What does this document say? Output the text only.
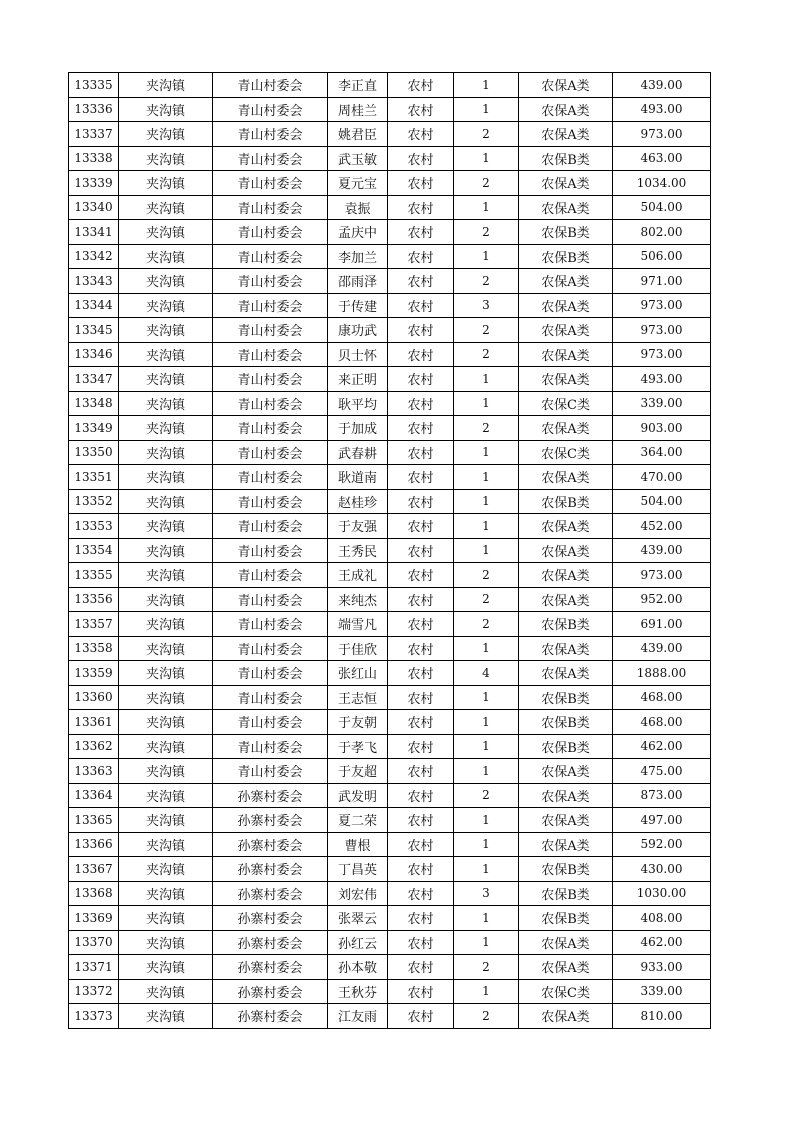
13335	夹沟镇	青山村委会	李正直	农村	1	农保A类	439.00
13336	夹沟镇	青山村委会	周桂兰	农村	1	农保A类	493.00
13337	夹沟镇	青山村委会	姚君臣	农村	2	农保A类	973.00
13338	夹沟镇	青山村委会	武玉敏	农村	1	农保B类	463.00
13339	夹沟镇	青山村委会	夏元宝	农村	2	农保A类	1034.00
13340	夹沟镇	青山村委会	袁振	农村	1	农保A类	504.00
13341	夹沟镇	青山村委会	孟庆中	农村	2	农保B类	802.00
13342	夹沟镇	青山村委会	李加兰	农村	1	农保B类	506.00
13343	夹沟镇	青山村委会	邵雨泽	农村	2	农保A类	971.00
13344	夹沟镇	青山村委会	于传建	农村	3	农保A类	973.00
13345	夹沟镇	青山村委会	康功武	农村	2	农保A类	973.00
13346	夹沟镇	青山村委会	贝士怀	农村	2	农保A类	973.00
13347	夹沟镇	青山村委会	来正明	农村	1	农保A类	493.00
13348	夹沟镇	青山村委会	耿平均	农村	1	农保C类	339.00
13349	夹沟镇	青山村委会	于加成	农村	2	农保A类	903.00
13350	夹沟镇	青山村委会	武春耕	农村	1	农保C类	364.00
13351	夹沟镇	青山村委会	耿道南	农村	1	农保A类	470.00
13352	夹沟镇	青山村委会	赵桂珍	农村	1	农保B类	504.00
13353	夹沟镇	青山村委会	于友强	农村	1	农保A类	452.00
13354	夹沟镇	青山村委会	王秀民	农村	1	农保A类	439.00
13355	夹沟镇	青山村委会	王成礼	农村	2	农保A类	973.00
13356	夹沟镇	青山村委会	来纯杰	农村	2	农保A类	952.00
13357	夹沟镇	青山村委会	端雪凡	农村	2	农保B类	691.00
13358	夹沟镇	青山村委会	于佳欣	农村	1	农保A类	439.00
13359	夹沟镇	青山村委会	张红山	农村	4	农保A类	1888.00
13360	夹沟镇	青山村委会	王志恒	农村	1	农保B类	468.00
13361	夹沟镇	青山村委会	于友朝	农村	1	农保B类	468.00
13362	夹沟镇	青山村委会	于孝飞	农村	1	农保B类	462.00
13363	夹沟镇	青山村委会	于友超	农村	1	农保A类	475.00
13364	夹沟镇	孙寨村委会	武发明	农村	2	农保A类	873.00
13365	夹沟镇	孙寨村委会	夏二荣	农村	1	农保A类	497.00
13366	夹沟镇	孙寨村委会	曹根	农村	1	农保A类	592.00
13367	夹沟镇	孙寨村委会	丁昌英	农村	1	农保B类	430.00
13368	夹沟镇	孙寨村委会	刘宏伟	农村	3	农保B类	1030.00
13369	夹沟镇	孙寨村委会	张翠云	农村	1	农保B类	408.00
13370	夹沟镇	孙寨村委会	孙红云	农村	1	农保A类	462.00
13371	夹沟镇	孙寨村委会	孙本敬	农村	2	农保A类	933.00
13372	夹沟镇	孙寨村委会	王秋芬	农村	1	农保C类	339.00
13373	夹沟镇	孙寨村委会	江友雨	农村	2	农保A类	810.00
